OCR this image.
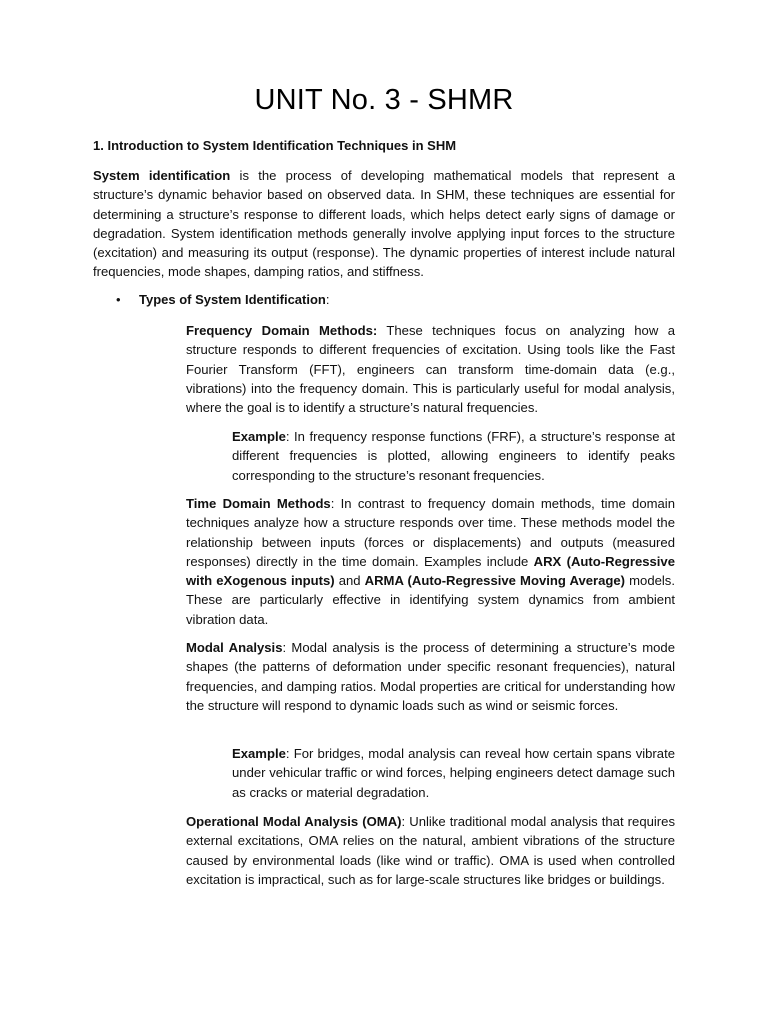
UNIT No. 3 - SHMR

1. Introduction to System Identification Techniques in SHM

System identification is the process of developing mathematical models that represent a structure’s dynamic behavior based on observed data. In SHM, these techniques are essential for determining a structure’s response to different loads, which helps detect early signs of damage or degradation. System identification methods generally involve applying input forces to the structure (excitation) and measuring its output (response). The dynamic properties of interest include natural frequencies, mode shapes, damping ratios, and stiffness.

• Types of System Identification:

Frequency Domain Methods: These techniques focus on analyzing how a structure responds to different frequencies of excitation. Using tools like the Fast Fourier Transform (FFT), engineers can transform time-domain data (e.g., vibrations) into the frequency domain. This is particularly useful for modal analysis, where the goal is to identify a structure’s natural frequencies.

Example: In frequency response functions (FRF), a structure’s response at different frequencies is plotted, allowing engineers to identify peaks corresponding to the structure’s resonant frequencies.

Time Domain Methods: In contrast to frequency domain methods, time domain techniques analyze how a structure responds over time. These methods model the relationship between inputs (forces or displacements) and outputs (measured responses) directly in the time domain. Examples include ARX (Auto-Regressive with eXogenous inputs) and ARMA (Auto-Regressive Moving Average) models. These are particularly effective in identifying system dynamics from ambient vibration data.

Modal Analysis: Modal analysis is the process of determining a structure’s mode shapes (the patterns of deformation under specific resonant frequencies), natural frequencies, and damping ratios. Modal properties are critical for understanding how the structure will respond to dynamic loads such as wind or seismic forces.

Example: For bridges, modal analysis can reveal how certain spans vibrate under vehicular traffic or wind forces, helping engineers detect damage such as cracks or material degradation.

Operational Modal Analysis (OMA): Unlike traditional modal analysis that requires external excitations, OMA relies on the natural, ambient vibrations of the structure caused by environmental loads (like wind or traffic). OMA is used when controlled excitation is impractical, such as for large-scale structures like bridges or buildings.
